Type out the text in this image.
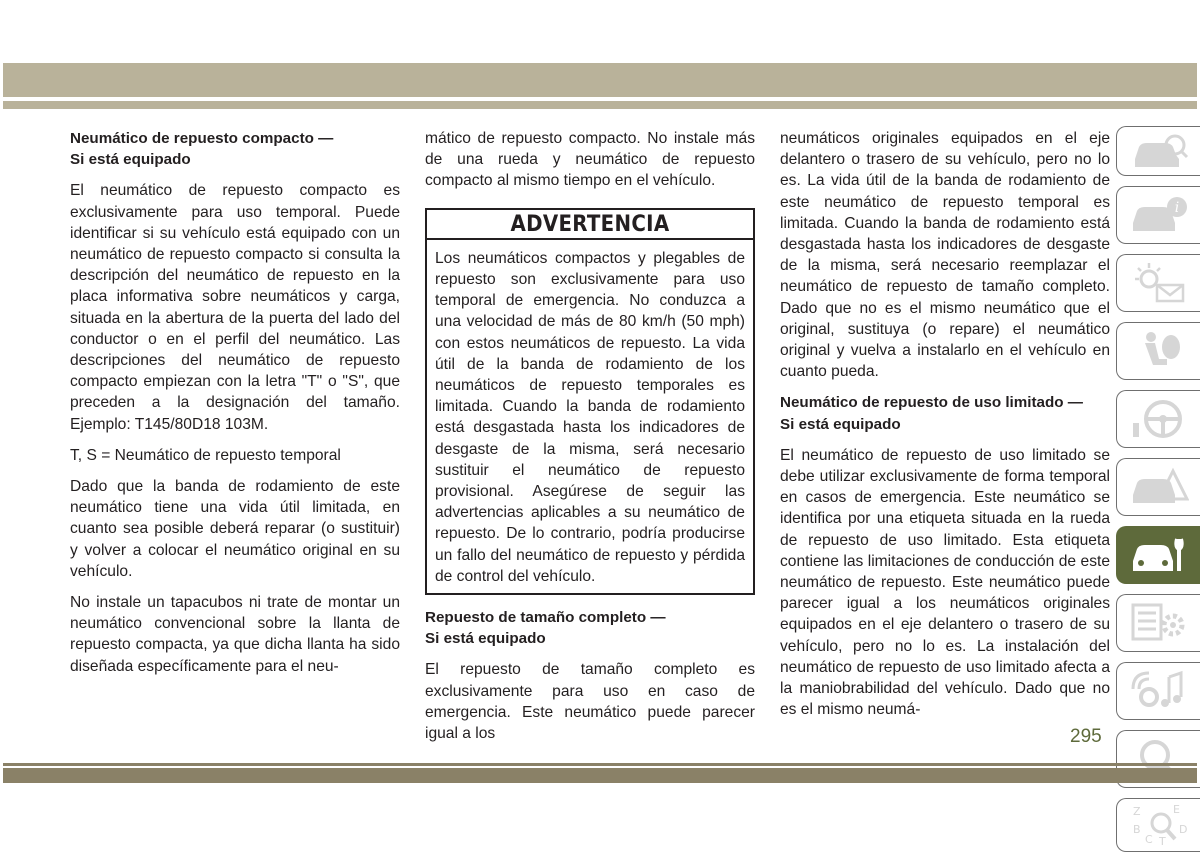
Neumático de repuesto compacto —
Si está equipado

El neumático de repuesto compacto es exclusivamente para uso temporal. Puede identificar si su vehículo está equipado con un neumático de repuesto compacto si consulta la descripción del neumático de repuesto en la placa informativa sobre neumáticos y carga, situada en la abertura de la puerta del lado del conductor o en el perfil del neumático. Las descripciones del neumático de repuesto compacto empiezan con la letra "T" o "S", que preceden a la designación del tamaño. Ejemplo: T145/80D18 103M.

T, S = Neumático de repuesto temporal

Dado que la banda de rodamiento de este neumático tiene una vida útil limitada, en cuanto sea posible deberá reparar (o sustituir) y volver a colocar el neumático original en su vehículo.

No instale un tapacubos ni trate de montar un neumático convencional sobre la llanta de repuesto compacta, ya que dicha llanta ha sido diseñada específicamente para el neu-

mático de repuesto compacto. No instale más de una rueda y neumático de repuesto compacto al mismo tiempo en el vehículo.

ADVERTENCIA
Los neumáticos compactos y plegables de repuesto son exclusivamente para uso temporal de emergencia. No conduzca a una velocidad de más de 80 km/h (50 mph) con estos neumáticos de repuesto. La vida útil de la banda de rodamiento de los neumáticos de repuesto temporales es limitada. Cuando la banda de rodamiento está desgastada hasta los indicadores de desgaste de la misma, será necesario sustituir el neumático de repuesto provisional. Asegúrese de seguir las advertencias aplicables a su neumático de repuesto. De lo contrario, podría producirse un fallo del neumático de repuesto y pérdida de control del vehículo.
Repuesto de tamaño completo —
Si está equipado

El repuesto de tamaño completo es exclusivamente para uso en caso de emergencia. Este neumático puede parecer igual a los

neumáticos originales equipados en el eje delantero o trasero de su vehículo, pero no lo es. La vida útil de la banda de rodamiento de este neumático de repuesto temporal es limitada. Cuando la banda de rodamiento está desgastada hasta los indicadores de desgaste de la misma, será necesario reemplazar el neumático de repuesto de tamaño completo. Dado que no es el mismo neumático que el original, sustituya (o repare) el neumático original y vuelva a instalarlo en el vehículo en cuanto pueda.

Neumático de repuesto de uso limitado —
Si está equipado

El neumático de repuesto de uso limitado se debe utilizar exclusivamente de forma temporal en casos de emergencia. Este neumático se identifica por una etiqueta situada en la rueda de repuesto de uso limitado. Esta etiqueta contiene las limitaciones de conducción de este neumático de repuesto. Este neumático puede parecer igual a los neumáticos originales equipados en el eje delantero o trasero de su vehículo, pero no lo es. La instalación del neumático de repuesto de uso limitado afecta a la maniobrabilidad del vehículo. Dado que no es el mismo neumá-

i
Z	E
B
C T
D
295
